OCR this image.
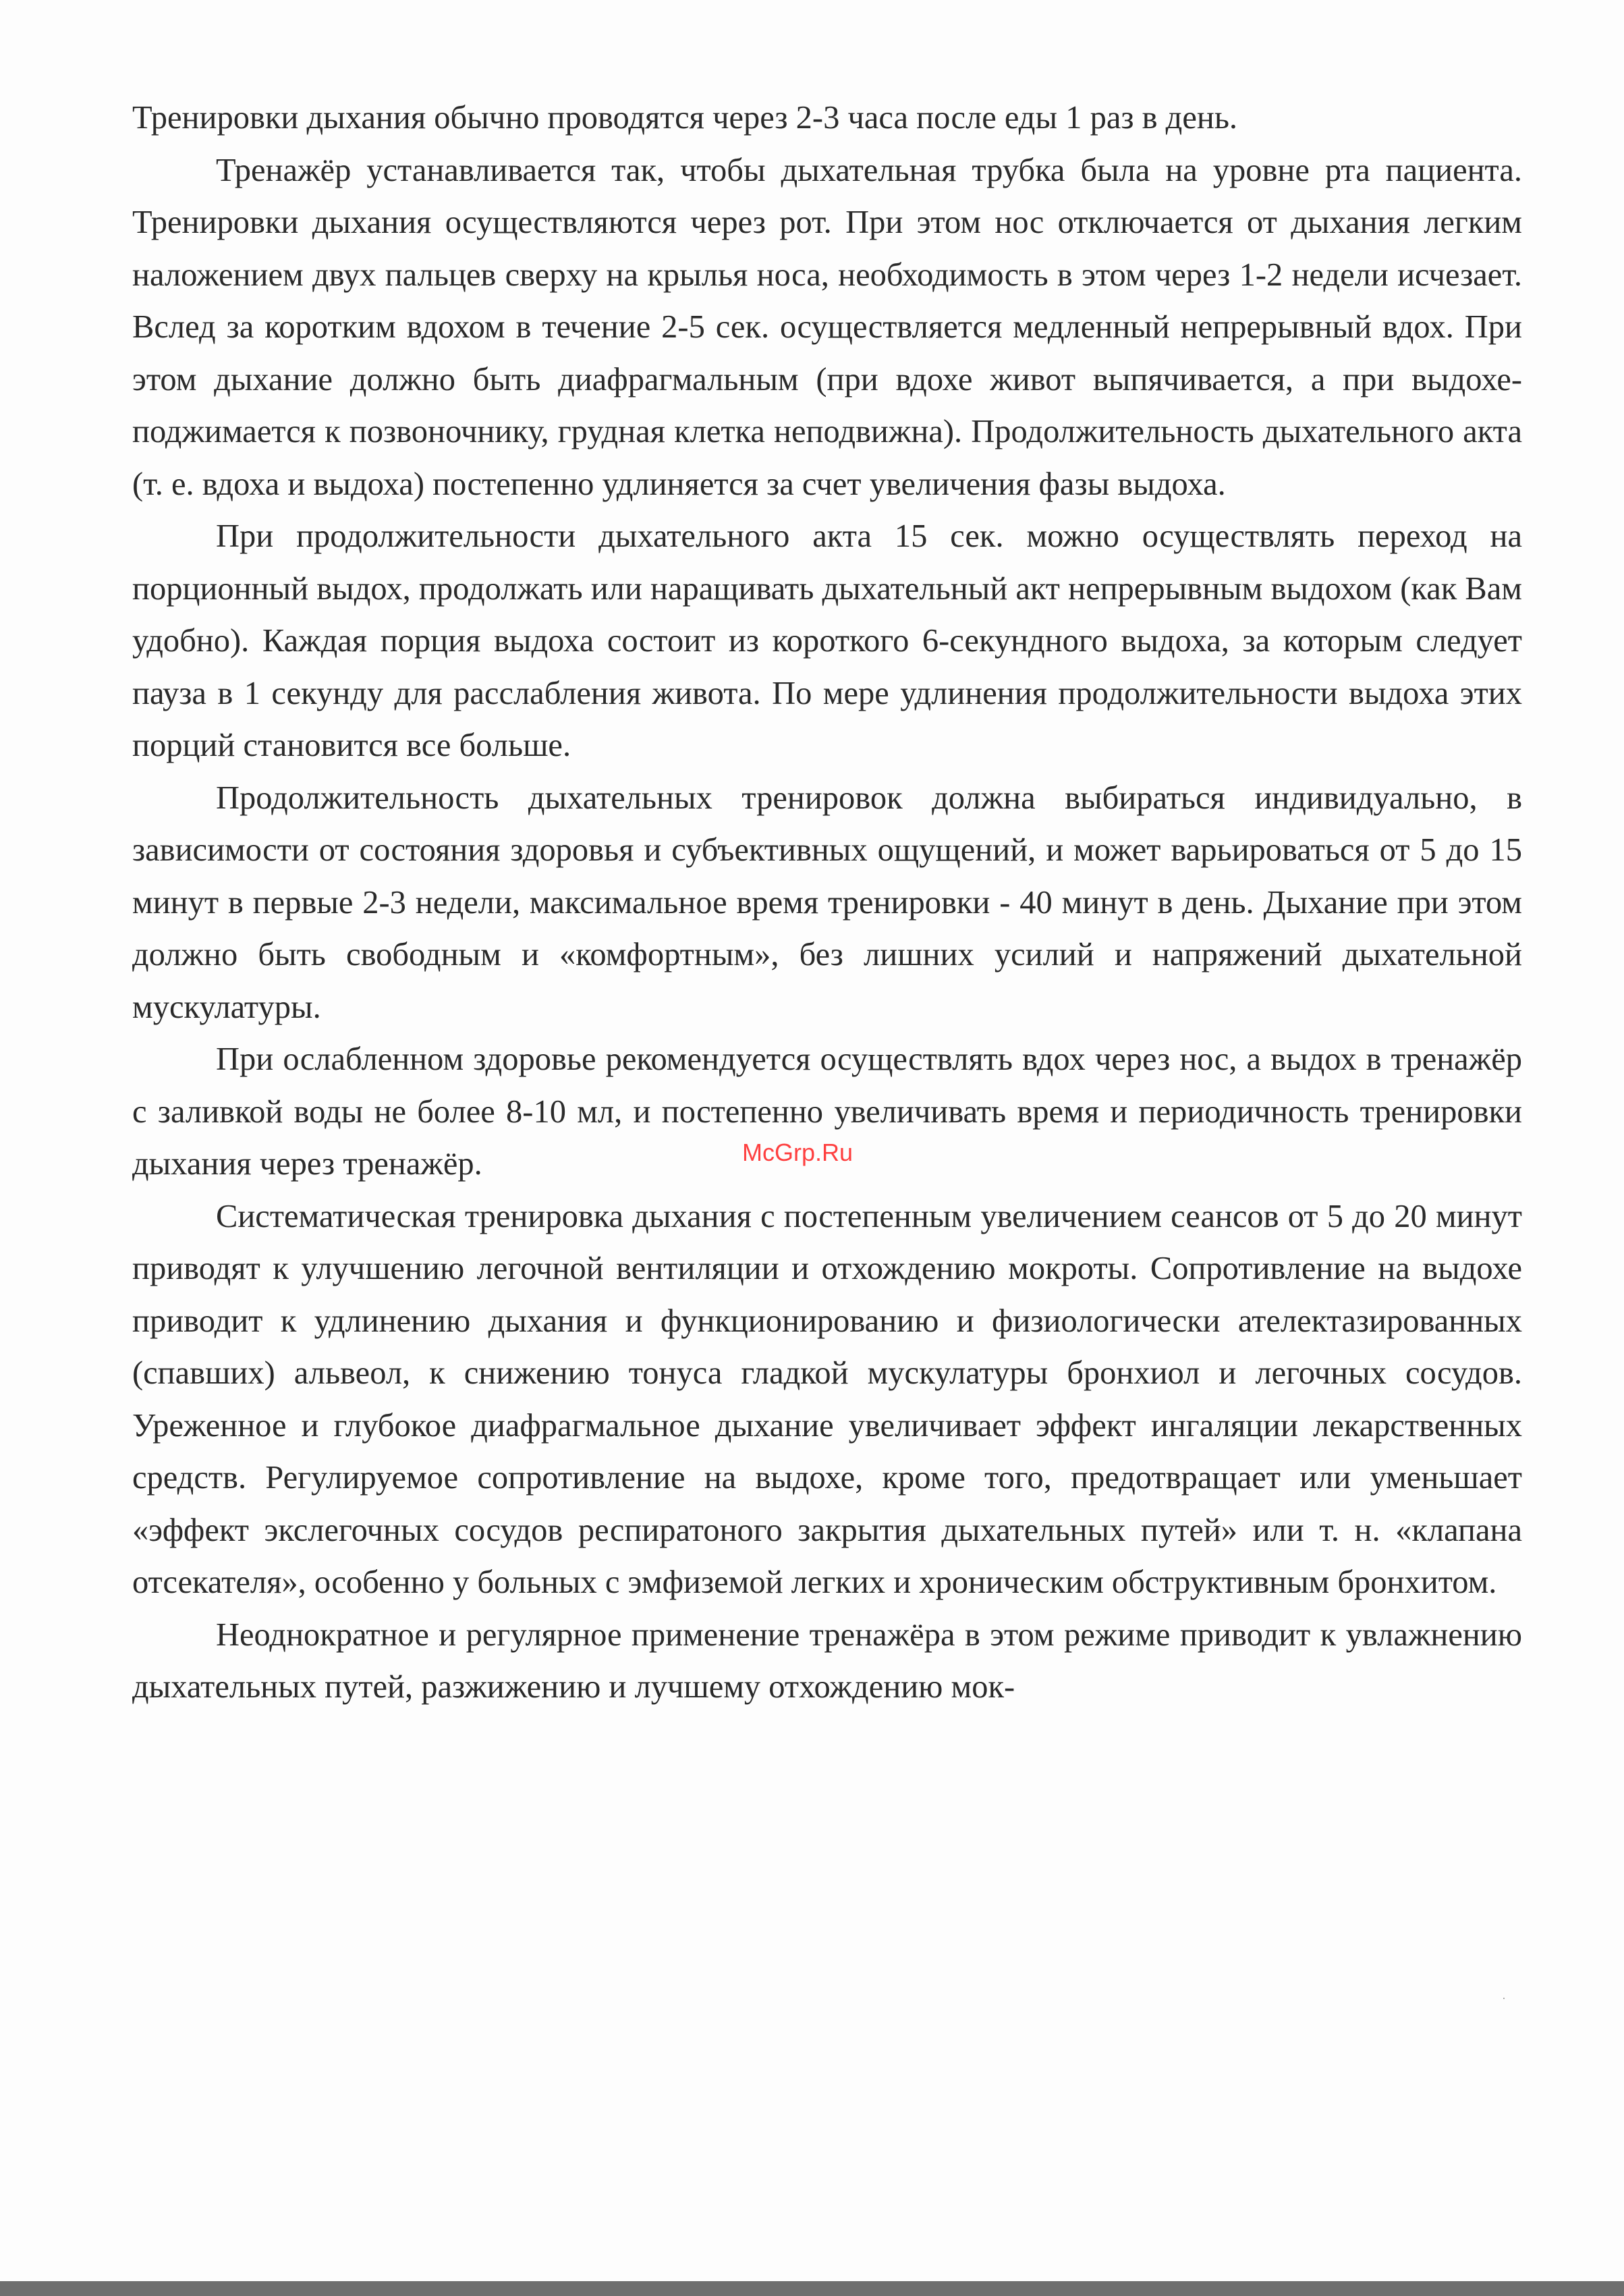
Тренировки дыхания обычно проводятся через 2-3 часа после еды 1 раз в день.

Тренажёр устанавливается так, чтобы дыхательная трубка была на уровне рта пациента. Тренировки дыхания осуществляются через рот. При этом нос отключается от дыхания легким наложением двух пальцев сверху на крылья носа, необходимость в этом через 1-2 недели исчезает. Вслед за коротким вдохом в течение 2-5 сек. осуществляется медленный непрерывный вдох. При этом дыхание должно быть диафрагмальным (при вдохе живот выпячивается, а при выдохе- поджимается к позвоночнику, грудная клетка неподвижна). Продолжительность дыхательного акта (т. е. вдоха и выдоха) постепенно удлиняется за счет увеличения фазы выдоха.

При продолжительности дыхательного акта 15 сек. можно осуществлять переход на порционный выдох, продолжать или наращивать дыхательный акт непрерывным выдохом (как Вам удобно). Каждая порция выдоха состоит из короткого 6-секундного выдоха, за которым следует пауза в 1 секунду для расслабления живота. По мере удлинения продолжительности выдоха этих порций становится все больше.

Продолжительность дыхательных тренировок должна выбираться индивидуально, в зависимости от состояния здоровья и субъективных ощущений, и может варьироваться от 5 до 15 минут в первые 2-3 недели, максимальное время тренировки - 40 минут в день. Дыхание при этом должно быть свободным и «комфортным», без лишних усилий и напряжений дыхательной мускулатуры.

При ослабленном здоровье рекомендуется осуществлять вдох через нос, а выдох в тренажёр с заливкой воды не более 8-10 мл, и постепенно увеличивать время и периодичность тренировки дыхания через тренажёр.

Систематическая тренировка дыхания с постепенным увеличением сеансов от 5 до 20 минут приводят к улучшению легочной вентиляции и отхождению мокроты. Сопротивление на выдохе приводит к удлинению дыхания и функционированию и физиологически ателектазированных (спавших) альвеол, к снижению тонуса гладкой мускулатуры бронхиол и легочных сосудов. Уреженное и глубокое диафрагмальное дыхание увеличивает эффект ингаляции лекарственных средств. Регулируемое сопротивление на выдохе, кроме того, предотвращает или уменьшает «эффект экслегочных сосудов респиратоного закрытия дыхательных путей» или т. н. «клапана отсекателя», особенно у больных с эмфиземой легких и хроническим обструктивным бронхитом.

Неоднократное и регулярное применение тренажёра в этом режиме приводит к увлажнению дыхательных путей, разжижению и лучшему отхождению мок-

McGrp.Ru
·
